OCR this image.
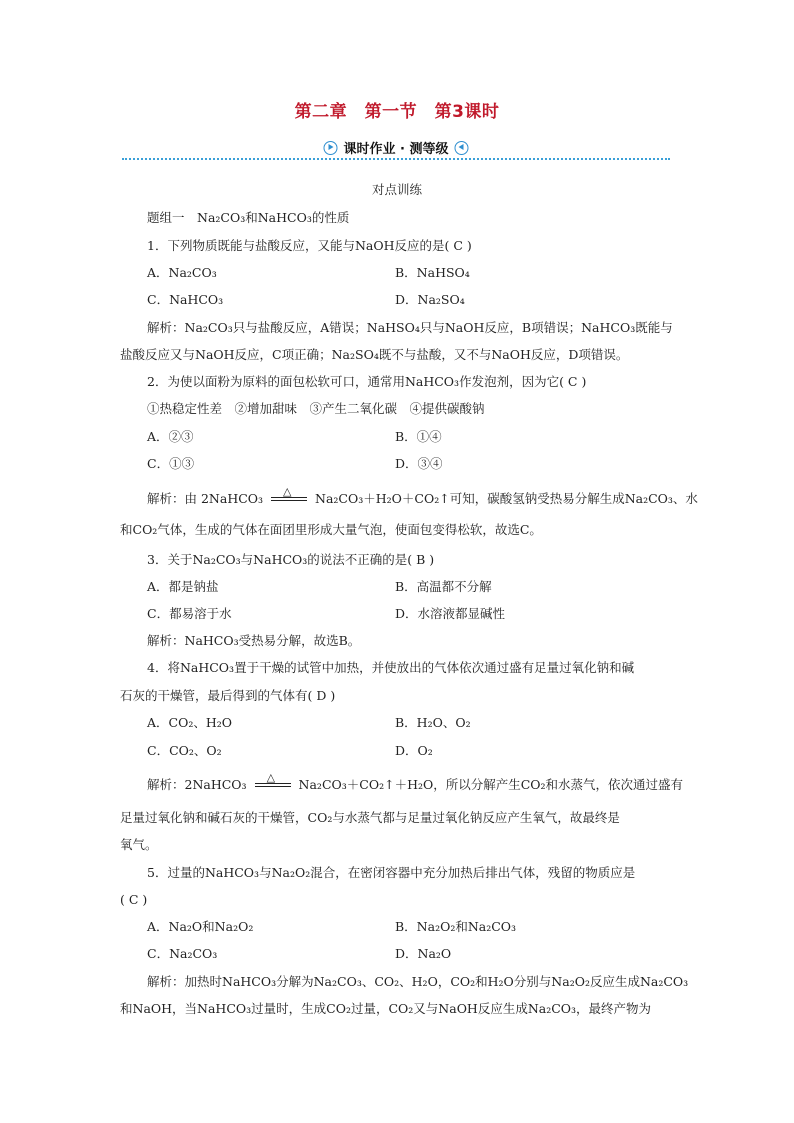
第二章　第一节　第3课时
课时作业 · 测等级
对点训练
题组一　Na₂CO₃和NaHCO₃的性质
1．下列物质既能与盐酸反应，又能与NaOH反应的是( C )
A．Na₂CO₃	B．NaHSO₄
C．NaHCO₃	D．Na₂SO₄
解析：Na₂CO₃只与盐酸反应，A错误；NaHSO₄只与NaOH反应，B项错误；NaHCO₃既能与
盐酸反应又与NaOH反应，C项正确；Na₂SO₄既不与盐酸，又不与NaOH反应，D项错误。
2．为使以面粉为原料的面包松软可口，通常用NaHCO₃作发泡剂，因为它( C )
①热稳定性差　②增加甜味　③产生二氧化碳　④提供碳酸钠
A．②③	B．①④
C．①③	D．③④
解析：由 2NaHCO₃ △ Na₂CO₃＋H₂O＋CO₂↑可知，碳酸氢钠受热易分解生成Na₂CO₃、水
和CO₂气体，生成的气体在面团里形成大量气泡，使面包变得松软，故选C。
3．关于Na₂CO₃与NaHCO₃的说法不正确的是( B )
A．都是钠盐	B．高温都不分解
C．都易溶于水	D．水溶液都显碱性
解析：NaHCO₃受热易分解，故选B。
4．将NaHCO₃置于干燥的试管中加热，并使放出的气体依次通过盛有足量过氧化钠和碱
石灰的干燥管，最后得到的气体有( D )
A．CO₂、H₂O	B．H₂O、O₂
C．CO₂、O₂	D．O₂
解析：2NaHCO₃ △ Na₂CO₃＋CO₂↑＋H₂O，所以分解产生CO₂和水蒸气，依次通过盛有
足量过氧化钠和碱石灰的干燥管，CO₂与水蒸气都与足量过氧化钠反应产生氧气，故最终是
氧气。
5．过量的NaHCO₃与Na₂O₂混合，在密闭容器中充分加热后排出气体，残留的物质应是
( C )
A．Na₂O和Na₂O₂	B．Na₂O₂和Na₂CO₃
C．Na₂CO₃	D．Na₂O
解析：加热时NaHCO₃分解为Na₂CO₃、CO₂、H₂O，CO₂和H₂O分别与Na₂O₂反应生成Na₂CO₃
和NaOH，当NaHCO₃过量时，生成CO₂过量，CO₂又与NaOH反应生成Na₂CO₃，最终产物为
